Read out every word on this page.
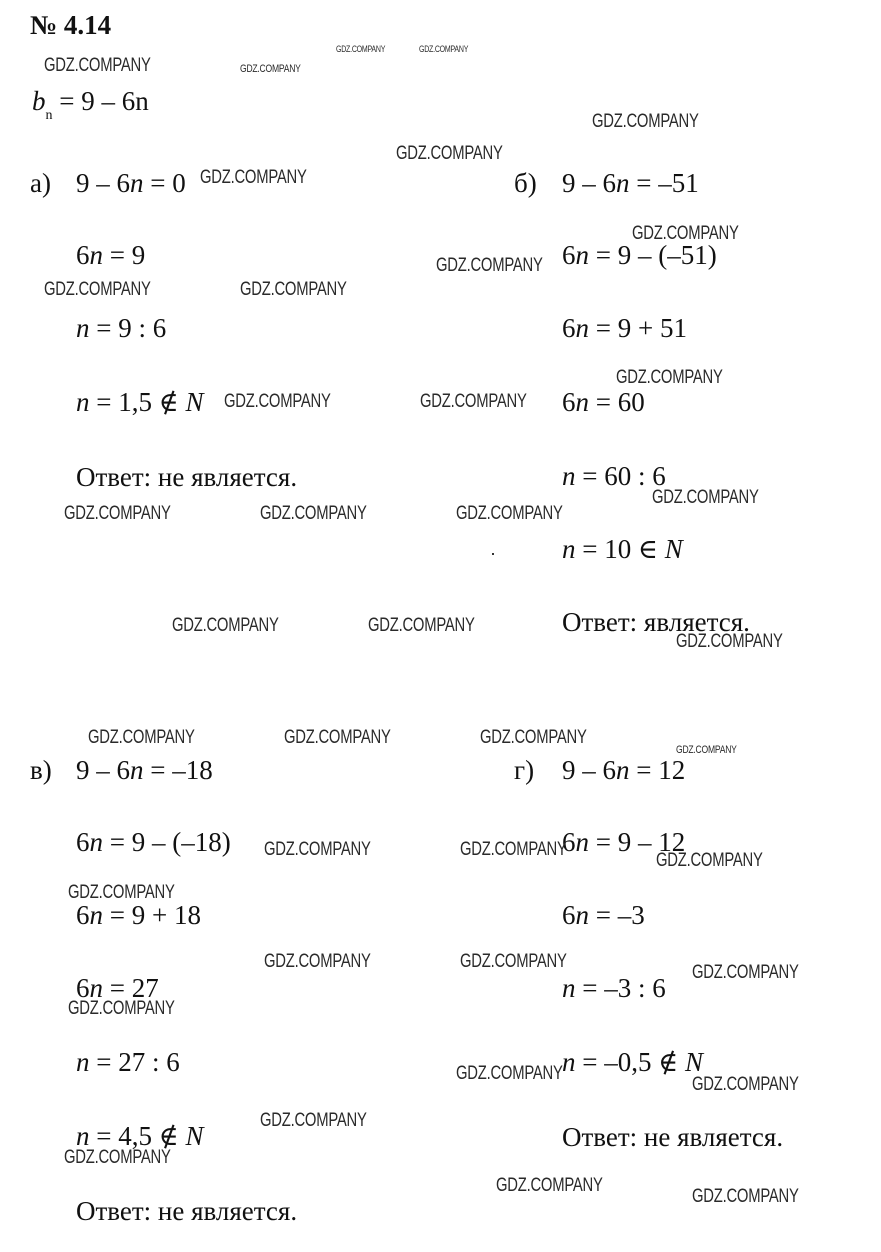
№ 4.14
$b_n = 9 - 6n$
а) 9 – 6n = 0
6n = 9
n = 9 : 6
n = 1,5 ∉ N
Ответ: не является.
б) 9 – 6n = –51
6n = 9 – (–51)
6n = 9 + 51
6n = 60
n = 60 : 6
n = 10 ∈ N
Ответ: является.
в) 9 – 6n = –18
6n = 9 – (–18)
6n = 9 + 18
6n = 27
n = 27 : 6
n = 4,5 ∉ N
Ответ: не является.
г) 9 – 6n = 12
6n = 9 – 12
6n = –3
n = –3 : 6
n = –0,5 ∉ N
Ответ: не является.
GDZ.COMPANY	GDZ.COMPANY
GDZ.COMPANY	GDZ.COMPANY
GDZ.COMPANY
GDZ.COMPANY
GDZ.COMPANY
GDZ.COMPANY
GDZ.COMPANY
GDZ.COMPANY	GDZ.COMPANY
GDZ.COMPANY
GDZ.COMPANY	GDZ.COMPANY
GDZ.COMPANY
GDZ.COMPANY	GDZ.COMPANY	GDZ.COMPANY
GDZ.COMPANY	GDZ.COMPANY
GDZ.COMPANY
GDZ.COMPANY	GDZ.COMPANY	GDZ.COMPANY
GDZ.COMPANY
GDZ.COMPANY	GDZ.COMPANY
GDZ.COMPANY
GDZ.COMPANY
GDZ.COMPANY	GDZ.COMPANY
GDZ.COMPANY
GDZ.COMPANY
GDZ.COMPANY
GDZ.COMPANY
GDZ.COMPANY
GDZ.COMPANY
GDZ.COMPANY
GDZ.COMPANY
